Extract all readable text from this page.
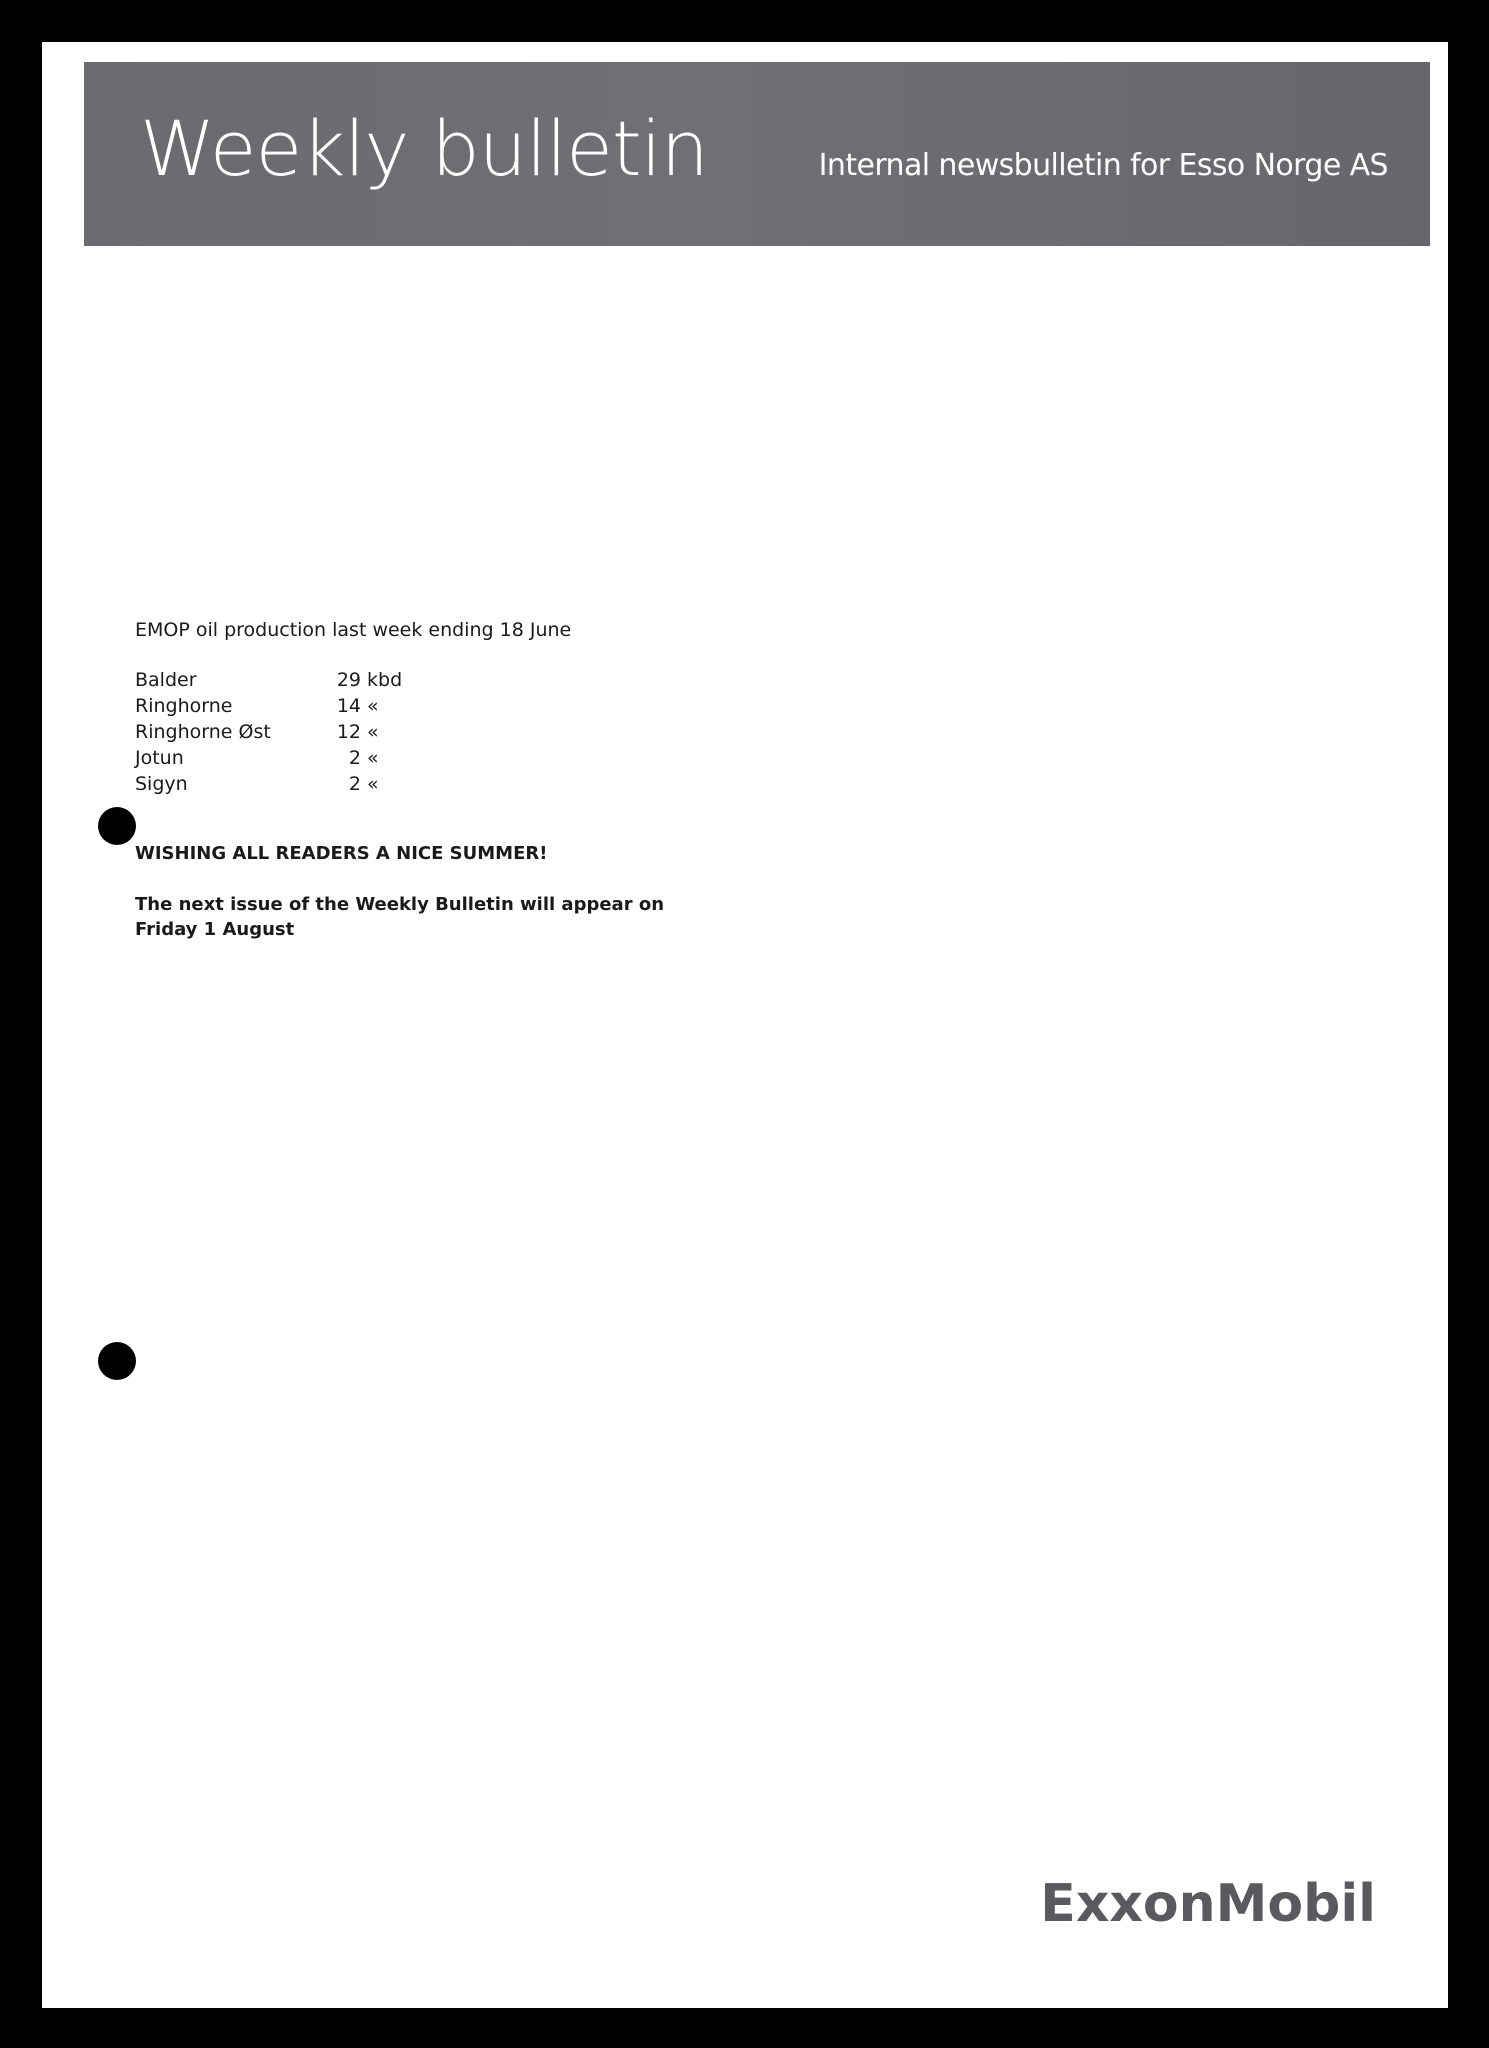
Weekly bulletin	Internal newsbulletin for Esso Norge AS
EMOP oil production last week ending 18 June
Balder	29	kbd
Ringhorne	14	«
Ringhorne Øst	12	«
Jotun	2	«
Sigyn	2	«
WISHING ALL READERS A NICE SUMMER!
The next issue of the Weekly Bulletin will appear on Friday 1 August
ExxonMobil
